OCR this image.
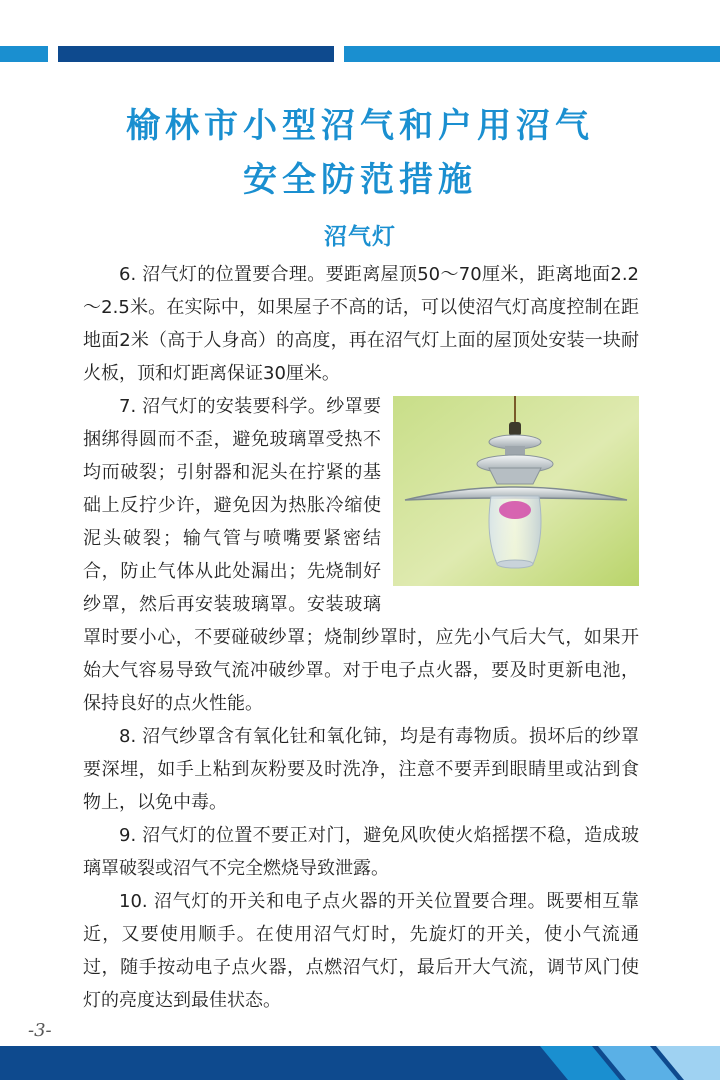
榆林市小型沼气和户用沼气
安全防范措施
沼气灯

6. 沼气灯的位置要合理。要距离屋顶50～70厘米，距离地面2.2～2.5米。在实际中，如果屋子不高的话，可以使沼气灯高度控制在距地面2米（高于人身高）的高度，再在沼气灯上面的屋顶处安装一块耐火板，顶和灯距离保证30厘米。

7. 沼气灯的安装要科学。纱罩要捆绑得圆而不歪，避免玻璃罩受热不均而破裂；引射器和泥头在拧紧的基础上反拧少许，避免因为热胀冷缩使泥头破裂；输气管与喷嘴要紧密结合，防止气体从此处漏出；先烧制好纱罩，然后再安装玻璃罩。安装玻璃罩时要小心，不要碰破纱罩；烧制纱罩时，应先小气后大气，如果开始大气容易导致气流冲破纱罩。对于电子点火器，要及时更新电池，保持良好的点火性能。

8. 沼气纱罩含有氧化钍和氧化铈，均是有毒物质。损坏后的纱罩要深埋，如手上粘到灰粉要及时洗净，注意不要弄到眼睛里或沾到食物上，以免中毒。

9. 沼气灯的位置不要正对门，避免风吹使火焰摇摆不稳，造成玻璃罩破裂或沼气不完全燃烧导致泄露。

10. 沼气灯的开关和电子点火器的开关位置要合理。既要相互靠近，又要使用顺手。在使用沼气灯时，先旋灯的开关，使小气流通过，随手按动电子点火器，点燃沼气灯，最后开大气流，调节风门使灯的亮度达到最佳状态。

-3-
